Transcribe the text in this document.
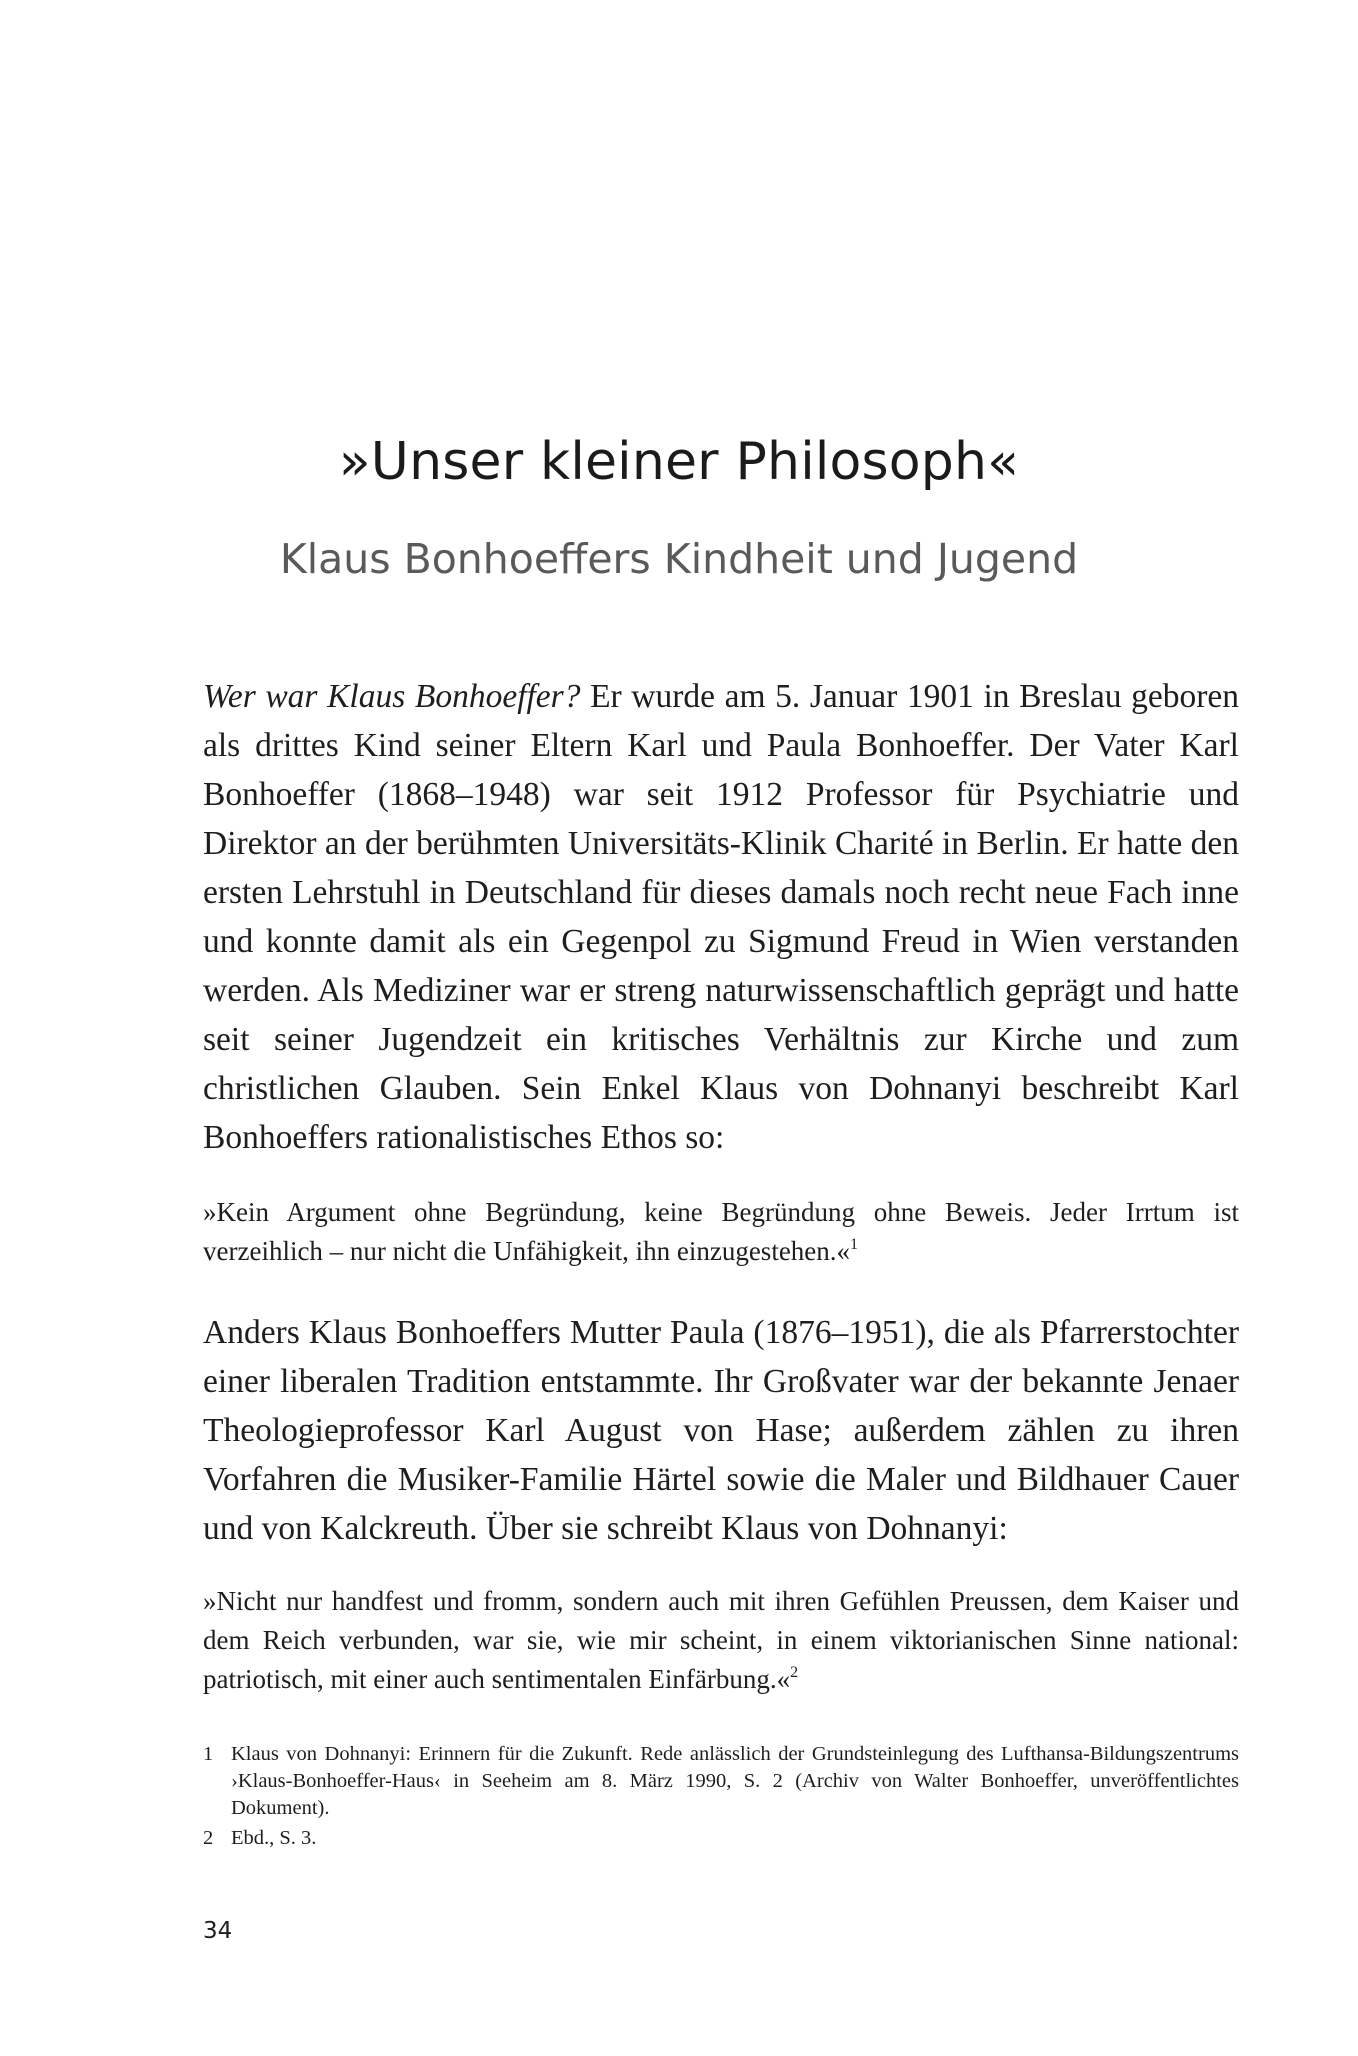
»Unser kleiner Philosoph«
Klaus Bonhoeffers Kindheit und Jugend

Wer war Klaus Bonhoeffer? Er wurde am 5. Januar 1901 in Breslau geboren als drittes Kind seiner Eltern Karl und Paula Bonhoeffer. Der Vater Karl Bonhoeffer (1868–1948) war seit 1912 Professor für Psychiatrie und Direktor an der berühmten Universitäts-Klinik Charité in Berlin. Er hatte den ersten Lehrstuhl in Deutschland für dieses damals noch recht neue Fach inne und konnte damit als ein Gegenpol zu Sigmund Freud in Wien verstanden werden. Als Mediziner war er streng naturwissenschaftlich geprägt und hatte seit seiner Jugendzeit ein kritisches Verhältnis zur Kirche und zum christlichen Glauben. Sein Enkel Klaus von Dohnanyi beschreibt Karl Bonhoeffers rationalistisches Ethos so:

»Kein Argument ohne Begründung, keine Begründung ohne Beweis. Jeder Irrtum ist verzeihlich – nur nicht die Unfähigkeit, ihn einzugestehen.«$^1$

Anders Klaus Bonhoeffers Mutter Paula (1876–1951), die als Pfarrerstochter einer liberalen Tradition entstammte. Ihr Großvater war der bekannte Jenaer Theologieprofessor Karl August von Hase; außerdem zählen zu ihren Vorfahren die Musiker-Familie Härtel sowie die Maler und Bildhauer Cauer und von Kalckreuth. Über sie schreibt Klaus von Dohnanyi:

»Nicht nur handfest und fromm, sondern auch mit ihren Gefühlen Preussen, dem Kaiser und dem Reich verbunden, war sie, wie mir scheint, in einem viktorianischen Sinne national: patriotisch, mit einer auch sentimentalen Einfärbung.«$^2$

1 Klaus von Dohnanyi: Erinnern für die Zukunft. Rede anlässlich der Grundsteinlegung des Lufthansa-Bildungszentrums ›Klaus-Bonhoeffer-Haus‹ in Seeheim am 8. März 1990, S. 2 (Archiv von Walter Bonhoeffer, unveröffentlichtes Dokument).
2 Ebd., S. 3.
34
